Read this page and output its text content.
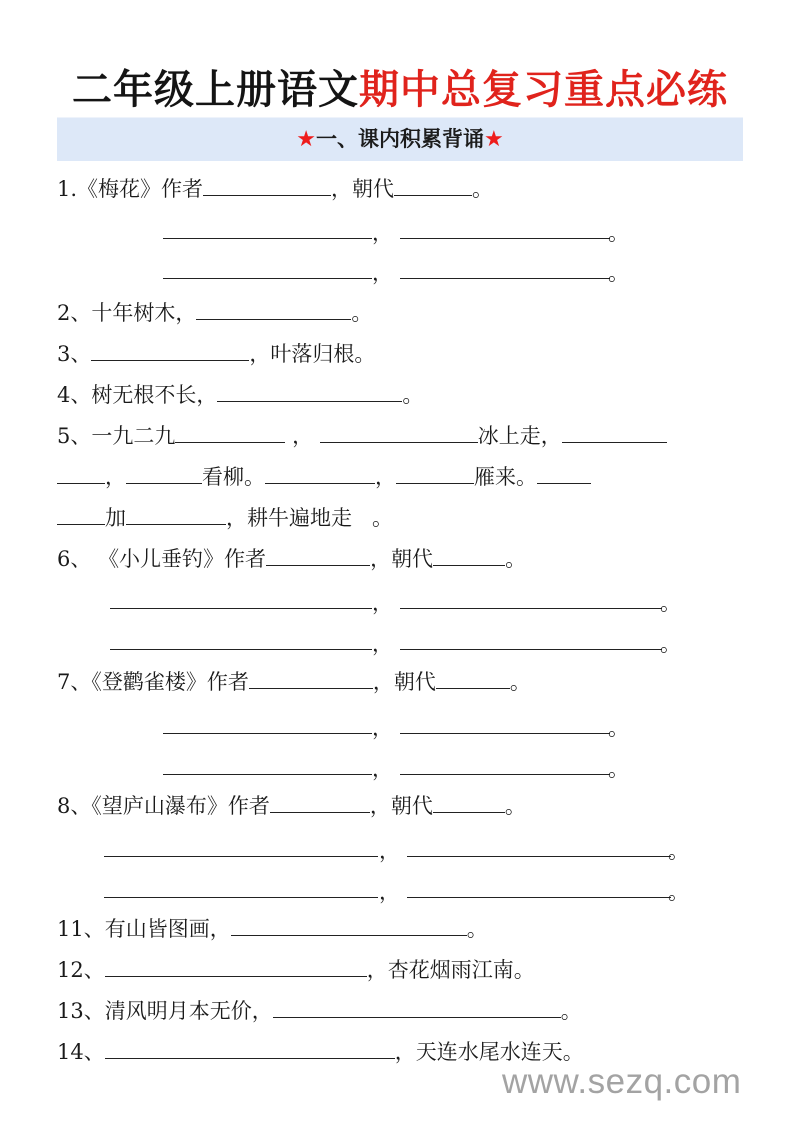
二年级上册语文期中总复习重点必练
★一、课内积累背诵★
1.《梅花》作者	，朝代	。
，	。
，	。
2、十年树木，	。
3、	，叶落归根。
4、树无根不长，	。
5、一九二九	，	冰上走，
，	看柳。	，	雁来。
加	，耕牛遍地走 。
6、 《小儿垂钓》作者	，朝代	。
，	。
，	。
7、《登鹳雀楼》作者	，朝代	。
，	。
，	。
8、《望庐山瀑布》作者	，朝代	。
，	。
，	。
11、有山皆图画，	。
12、	，杏花烟雨江南。
13、清风明月本无价，	。
14、	，天连水尾水连天。
www.sezq.com
